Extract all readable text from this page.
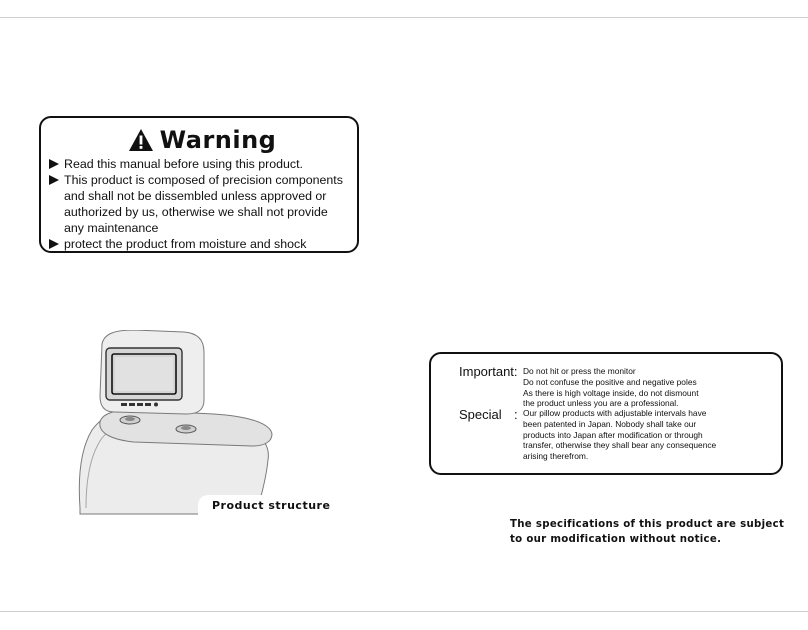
Warning
Read this manual before using this product.
This product is composed of precision components and shall not be dissembled unless approved or authorized by us, otherwise we shall not provide any maintenance
protect the product from moisture and shock
Product structure
Important: Do not hit or press the monitor
Do not confuse the positive and negative poles
As there is high voltage inside, do not dismount
the product unless you are a professional.
Special : Our pillow products with adjustable intervals have
been patented in Japan. Nobody shall take our
products into Japan after modification or through
transfer, otherwise they shall bear any consequence
arising therefrom.
The specifications of this product are subject
to our modification without notice.
